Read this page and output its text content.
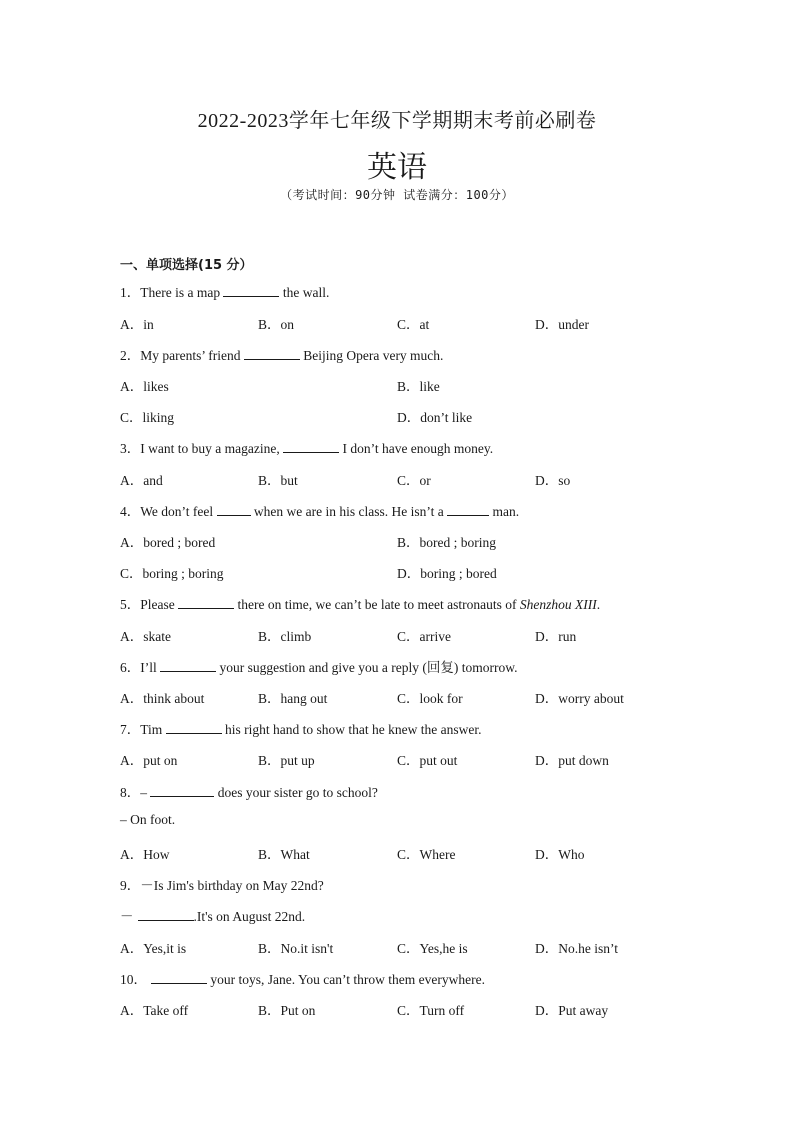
2022-2023学年七年级下学期期末考前必刷卷
英语
（考试时间：90分钟 试卷满分：100分）
一、单项选择(15 分）
1．There is a map	the wall.
A．in	B．on	C．at	D．under
2．My parents’ friend	Beijing Opera very much.
A．likes	B．like
C．liking	D．don’t like
3．I want to buy a magazine,	I don’t have enough money.
A．and	B．but	C．or	D．so
4．We don’t feel	when we are in his class. He isn’t a	man.
A．bored ; bored	B．bored ; boring
C．boring ; boring	D．boring ; bored
5．Please	there on time, we can’t be late to meet astronauts of Shenzhou XIII.
A．skate	B．climb	C．arrive	D．run
6．I’ll	your suggestion and give you a reply (回复) tomorrow.
A．think about	B．hang out	C．look for	D．worry about
7．Tim	his right hand to show that he knew the answer.
A．put on	B．put up	C．put out	D．put down
8．–	does your sister go to school?
– On foot.
A．How	B．What	C．Where	D．Who
9．－Is Jim's birthday on May 22nd?
－	.It's on August 22nd.
A．Yes,it is	B．No.it isn't	C．Yes,he is	D．No.he isn’t
10．	your toys, Jane. You can’t throw them everywhere.
A．Take off	B．Put on	C．Turn off	D．Put away
